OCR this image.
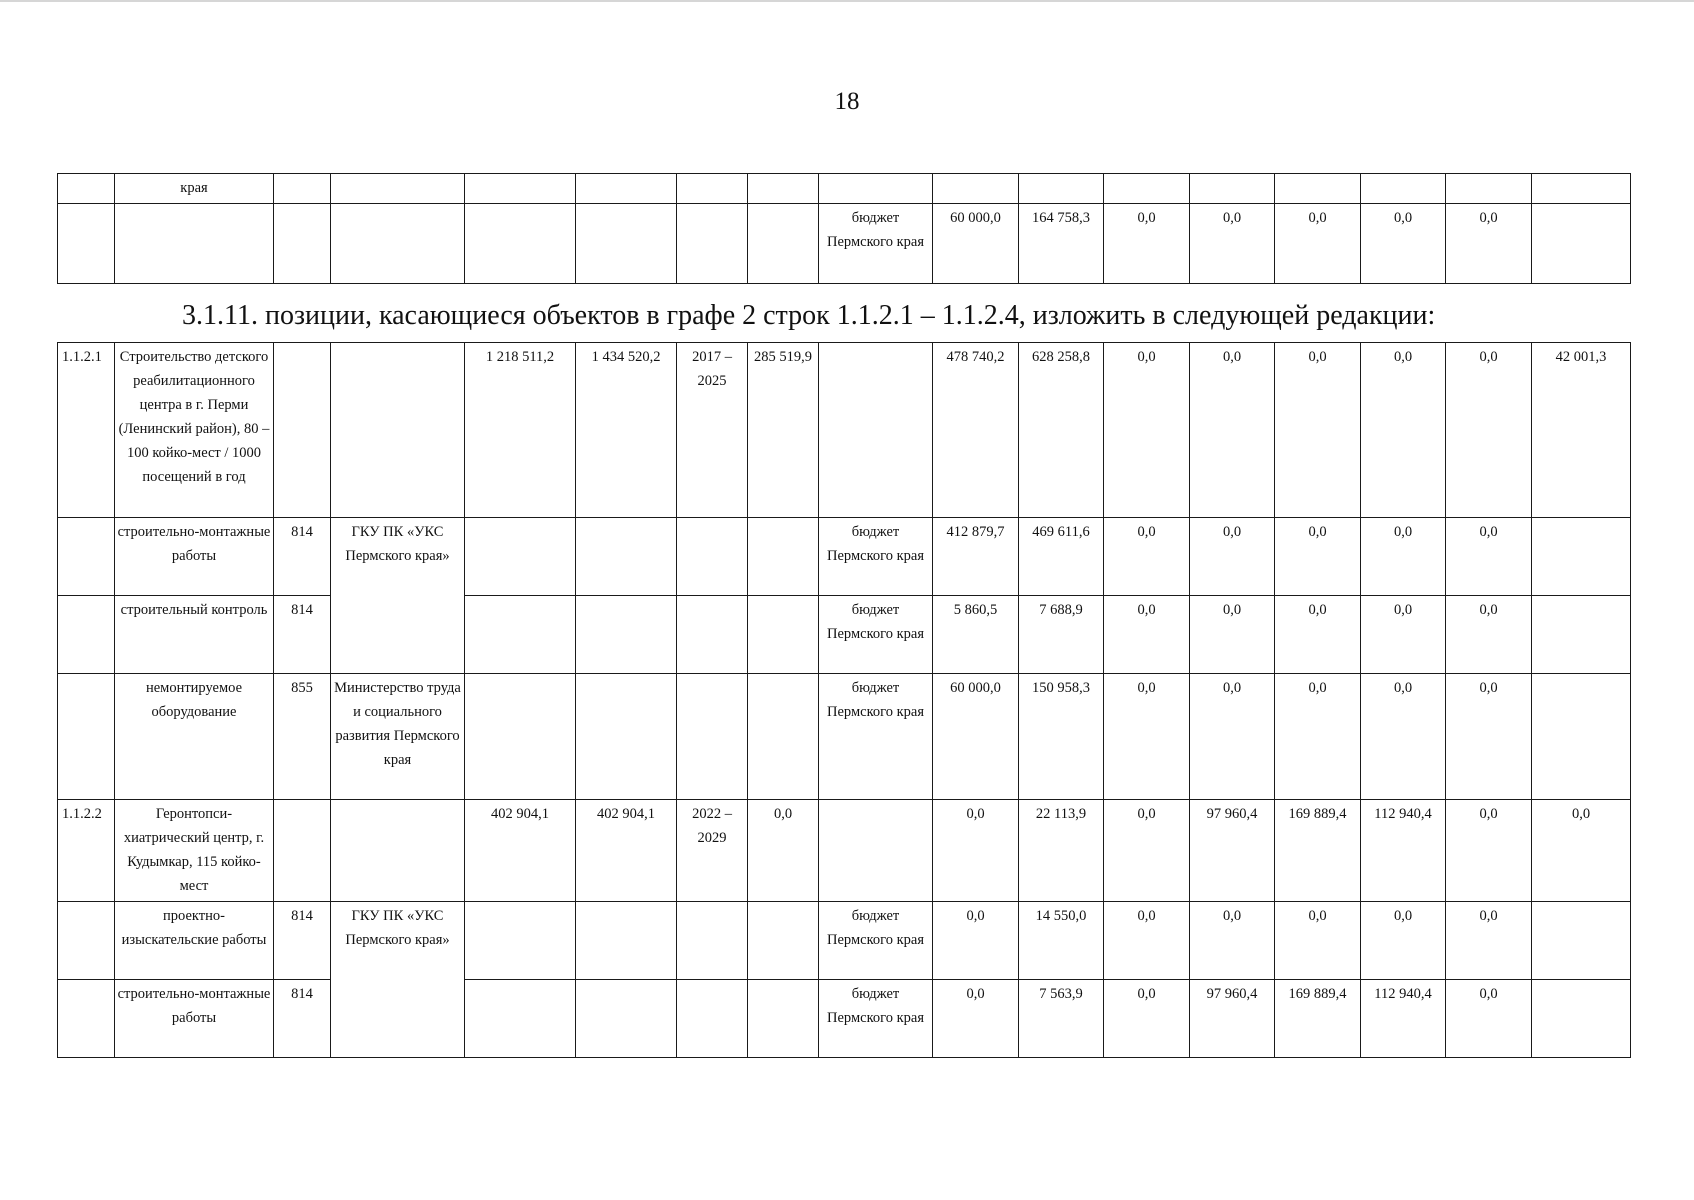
18
	края															
								бюджет Пермского края	60 000,0	164 758,3	0,0	0,0	0,0	0,0	0,0	
3.1.11. позиции, касающиеся объектов в графе 2 строк 1.1.2.1 – 1.1.2.4, изложить в следующей редакции:
1.1.2.1	Строительство детского реабилитационного центра в г. Перми (Ленинский район), 80 – 100 койко-мест / 1000 посещений в год			1 218 511,2	1 434 520,2	2017 – 2025	285 519,9		478 740,2	628 258,8	0,0	0,0	0,0	0,0	0,0	42 001,3
	строительно-монтажные работы	814	ГКУ ПК «УКС Пермского края»					бюджет Пермского края	412 879,7	469 611,6	0,0	0,0	0,0	0,0	0,0	
	строительный контроль	814						бюджет Пермского края	5 860,5	7 688,9	0,0	0,0	0,0	0,0	0,0	
	немонтируемое оборудование	855	Министерство труда и социального развития Пермского края					бюджет Пермского края	60 000,0	150 958,3	0,0	0,0	0,0	0,0	0,0	
1.1.2.2	Геронтопси-хиатрический центр, г. Кудымкар, 115 койко-мест			402 904,1	402 904,1	2022 – 2029	0,0		0,0	22 113,9	0,0	97 960,4	169 889,4	112 940,4	0,0	0,0
	проектно-изыскательские работы	814	ГКУ ПК «УКС Пермского края»					бюджет Пермского края	0,0	14 550,0	0,0	0,0	0,0	0,0	0,0	
	строительно-монтажные работы	814						бюджет Пермского края	0,0	7 563,9	0,0	97 960,4	169 889,4	112 940,4	0,0	
